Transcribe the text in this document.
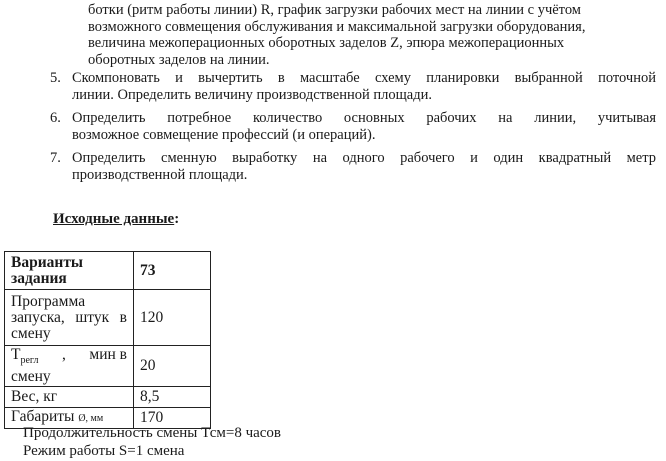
ботки (ритм работы линии) R, график загрузки рабочих мест на линии с учётом
возможного совмещения обслуживания и максимальной загрузки оборудования,
величина межоперационных оборотных заделов Z, эпюра межоперационных
оборотных заделов на линии.
5. Скомпоновать и вычертить в масштабе схему планировки выбранной поточной
линии. Определить величину производственной площади.
6. Определить потребное количество основных рабочих на линии, учитывая
возможное совмещение профессий (и операций).
7. Определить сменную выработку на одного рабочего и один квадратный метр
производственной площади.
Исходные данные:
Варианты
задания	73

Программа
запуска, штук в
смену	120

$T_{регл}$ , мин в
смену	20
Вес, кг	8,5
Габариты Ø, мм	170
Продолжительность смены Тсм=8 часов
Режим работы S=1 смена
